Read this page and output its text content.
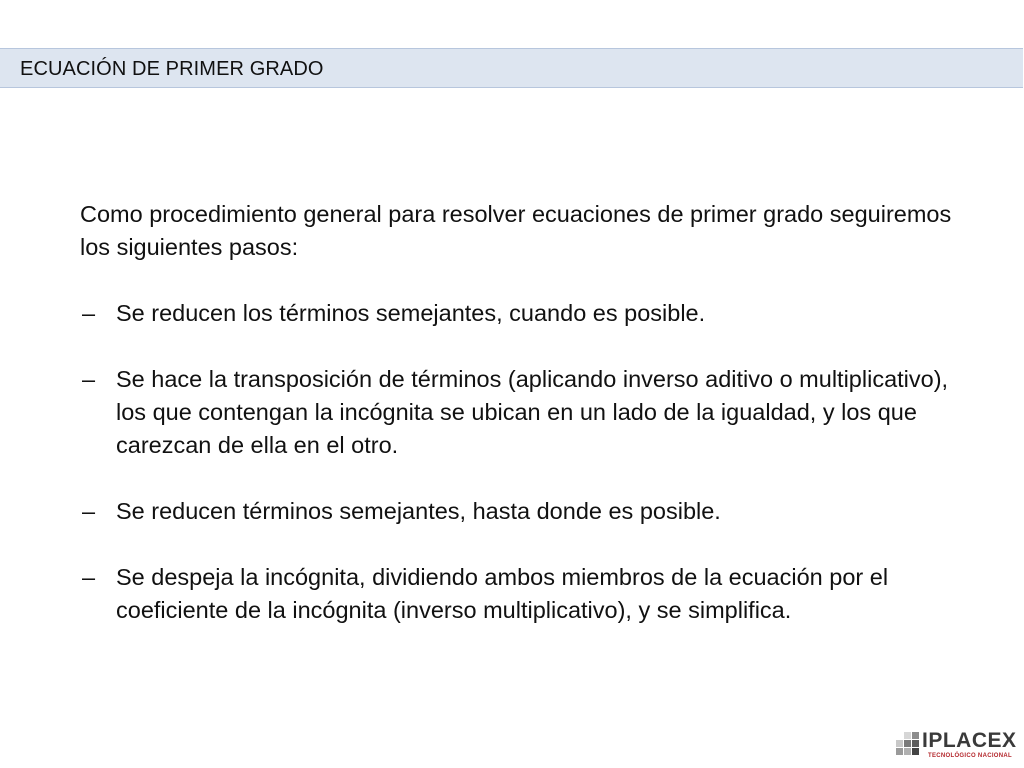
ECUACIÓN DE PRIMER GRADO

Como procedimiento general para resolver ecuaciones de primer grado seguiremos los siguientes pasos:

‒ Se reducen los términos semejantes, cuando es posible.
‒ Se hace la transposición de términos (aplicando inverso aditivo o multiplicativo), los que contengan la incógnita se ubican en un lado de la igualdad, y los que carezcan de ella en el otro.
‒ Se reducen términos semejantes, hasta donde es posible.
‒ Se despeja la incógnita, dividiendo ambos miembros de la ecuación por el coeficiente de la incógnita (inverso multiplicativo), y se simplifica.
IPLACEX
TECNOLÓGICO NACIONAL
